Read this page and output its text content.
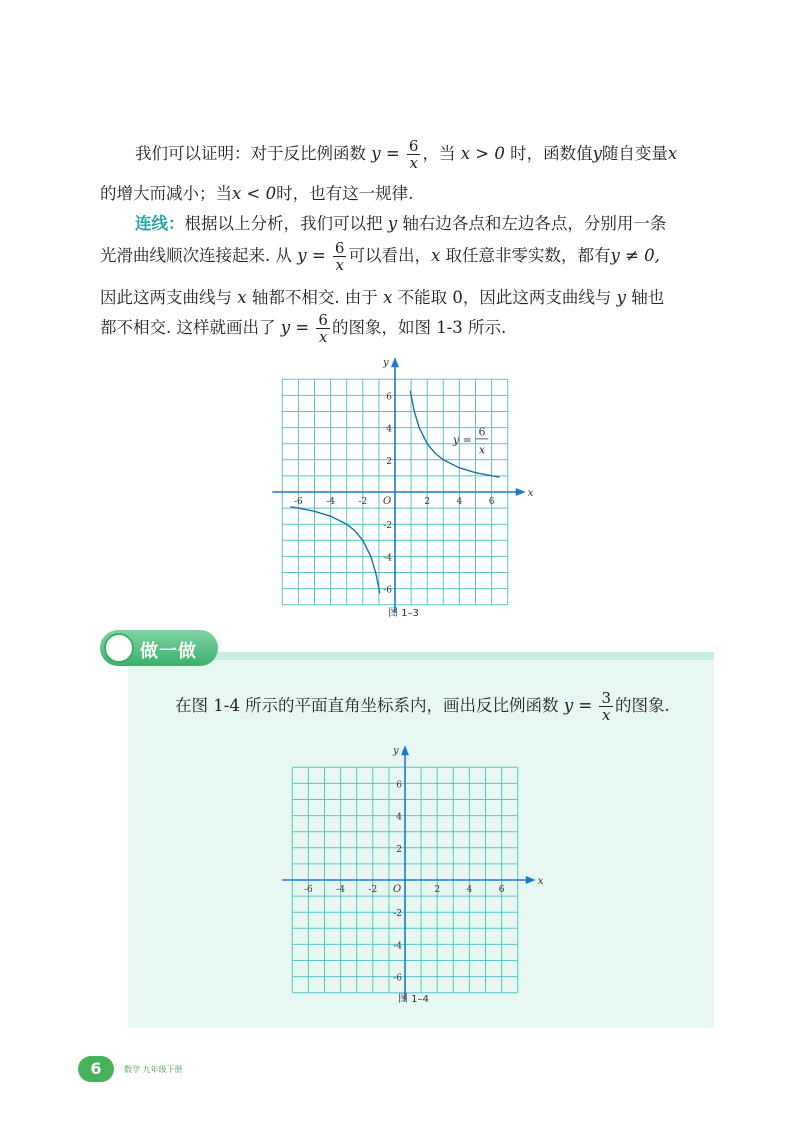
我们可以证明：对于反比例函数 $y = \frac{6}{x}$ ，当 x > 0 时，函数值y随自变量x
的增大而减小；当x < 0时，也有这一规律.
连线：根据以上分析，我们可以把 y 轴右边各点和左边各点，分别用一条
光滑曲线顺次连接起来. 从 $y = \frac{6}{x}$ 可以看出，x 取任意非零实数，都有y ≠ 0,
因此这两支曲线与 x 轴都不相交. 由于 x 不能取 0，因此这两支曲线与 y 轴也
都不相交. 这样就画出了 $y = \frac{6}{x}$ 的图象，如图 1-3 所示.
x
y
O
-6	-4	-2	2	4	6
6
4
2
-2
-4
-6
y =
6
x
图 1–3
做一做
在图 1-4 所示的平面直角坐标系内，画出反比例函数 $y = \frac{3}{x}$ 的图象.
x
y
O
-6	-4	-2	2	4	6
6
4
2
-2
-4
-6
图 1–4
6	数学 九年级下册
